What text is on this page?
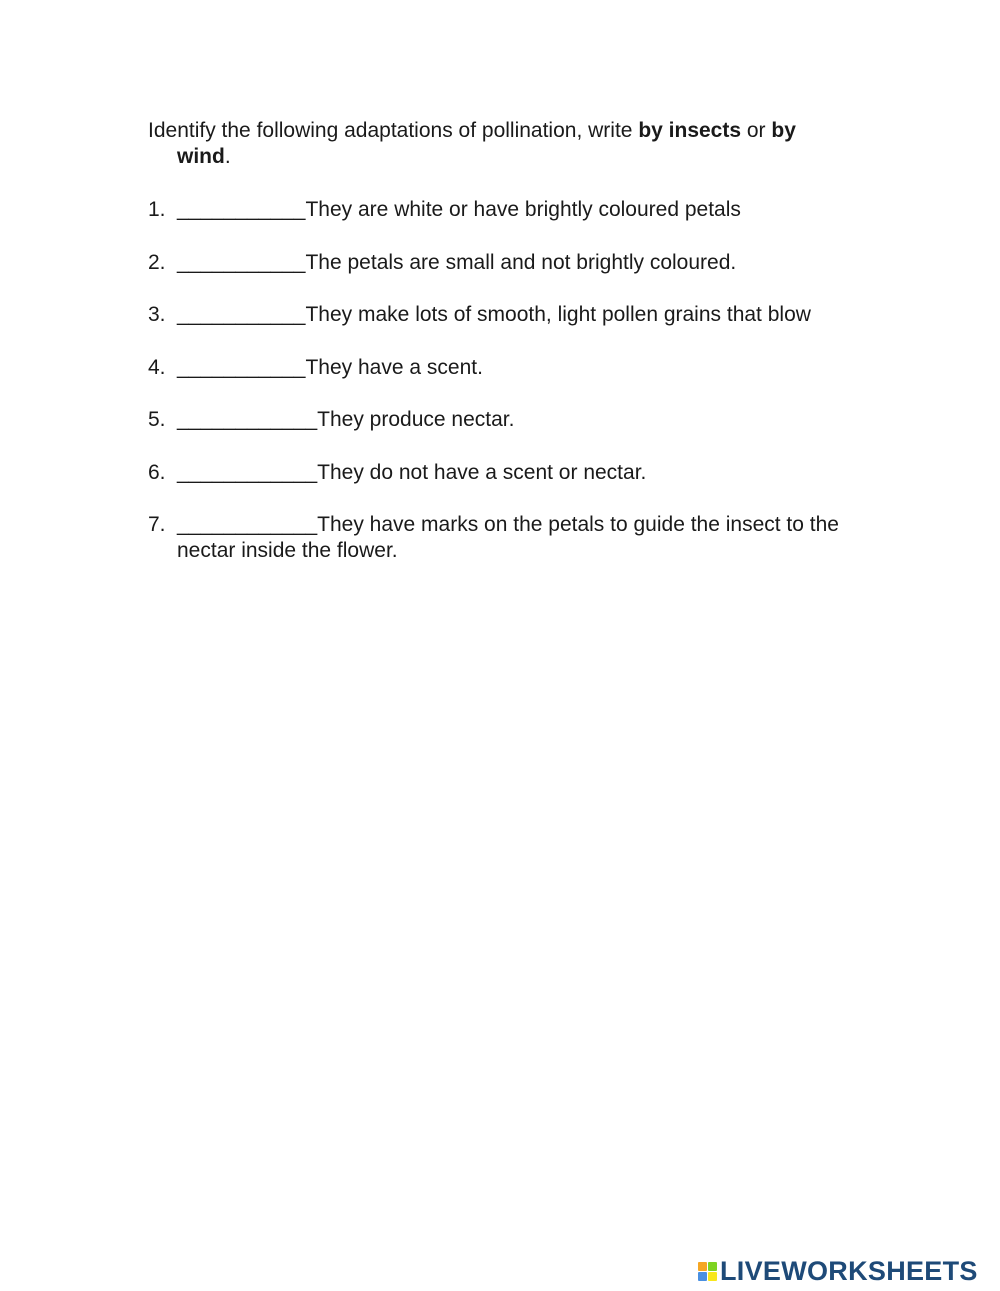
Identify the following adaptations of pollination, write by insects or by
wind.
1. ___________They are white or have brightly coloured petals
2. ___________The petals are small and not brightly coloured.
3. ___________They make lots of smooth, light pollen grains that blow
4. ___________They have a scent.
5. ____________They produce nectar.
6. ____________They do not have a scent or nectar.
7. ____________They have marks on the petals to guide the insect to the nectar inside the flower.
LIVEWORKSHEETS
